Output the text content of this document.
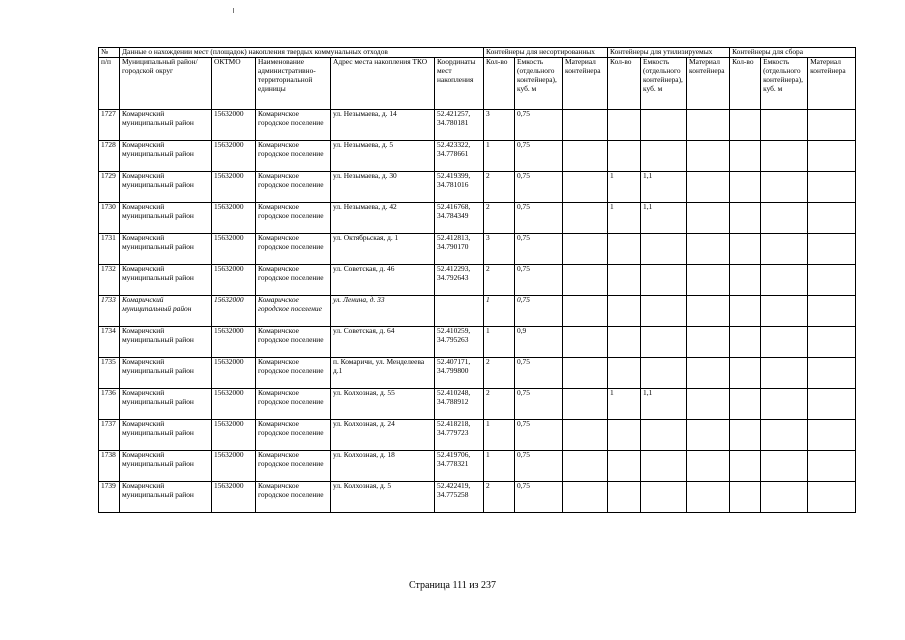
№	Данные о нахождении мест (площадок) накопления твердых коммунальных отходов					Контейнеры для несортированных			Контейнеры для утилизируемых			Контейнеры для сбора		
п/п	Муниципальный район/городской округ	ОКТМО	Наименование административно-территориальной единицы	Адрес места накопления ТКО	Координаты мест накопления	Кол-во	Емкость (отдельного контейнера), куб. м	Материал контейнера	Кол-во	Емкость (отдельного контейнера), куб. м	Материал контейнера	Кол-во	Емкость (отдельного контейнера), куб. м	Материал контейнера
1727	Комаричский муниципальный район	15632000	Комаричское городское поселение	ул. Незымаева, д. 14	52.421257, 34.780181	3	0,75							
1728	Комаричский муниципальный район	15632000	Комаричское городское поселение	ул. Незымаева, д. 5	52.423322, 34.778661	1	0,75							
1729	Комаричский муниципальный район	15632000	Комаричское городское поселение	ул. Незымаева, д. 30	52.419399, 34.781016	2	0,75		1	1,1				
1730	Комаричский муниципальный район	15632000	Комаричское городское поселение	ул. Незымаева, д. 42	52.416768, 34.784349	2	0,75		1	1,1				
1731	Комаричский муниципальный район	15632000	Комаричское городское поселение	ул. Октябрьская, д. 1	52.412813, 34.790170	3	0,75							
1732	Комаричский муниципальный район	15632000	Комаричское городское поселение	ул. Советская, д. 46	52.412293, 34.792643	2	0,75							
1733	Комаричский муниципальный район	15632000	Комаричское городское поселение	ул. Ленина, д. 33		1	0,75							
1734	Комаричский муниципальный район	15632000	Комаричское городское поселение	ул. Советская, д. 64	52.410259, 34.795263	1	0,9							
1735	Комаричский муниципальный район	15632000	Комаричское городское поселение	п. Комаричи, ул. Менделеева д.1	52.407171, 34.799800	2	0,75							
1736	Комаричский муниципальный район	15632000	Комаричское городское поселение	ул. Колхозная, д. 55	52.410248, 34.788912	2	0,75		1	1,1				
1737	Комаричский муниципальный район	15632000	Комаричское городское поселение	ул. Колхозная, д. 24	52.418218, 34.779723	1	0,75							
1738	Комаричский муниципальный район	15632000	Комаричское городское поселение	ул. Колхозная, д. 18	52.419706, 34.778321	1	0,75							
1739	Комаричский муниципальный район	15632000	Комаричское городское поселение	ул. Колхозная, д. 5	52.422419, 34.775258	2	0,75							
Страница 111 из 237
